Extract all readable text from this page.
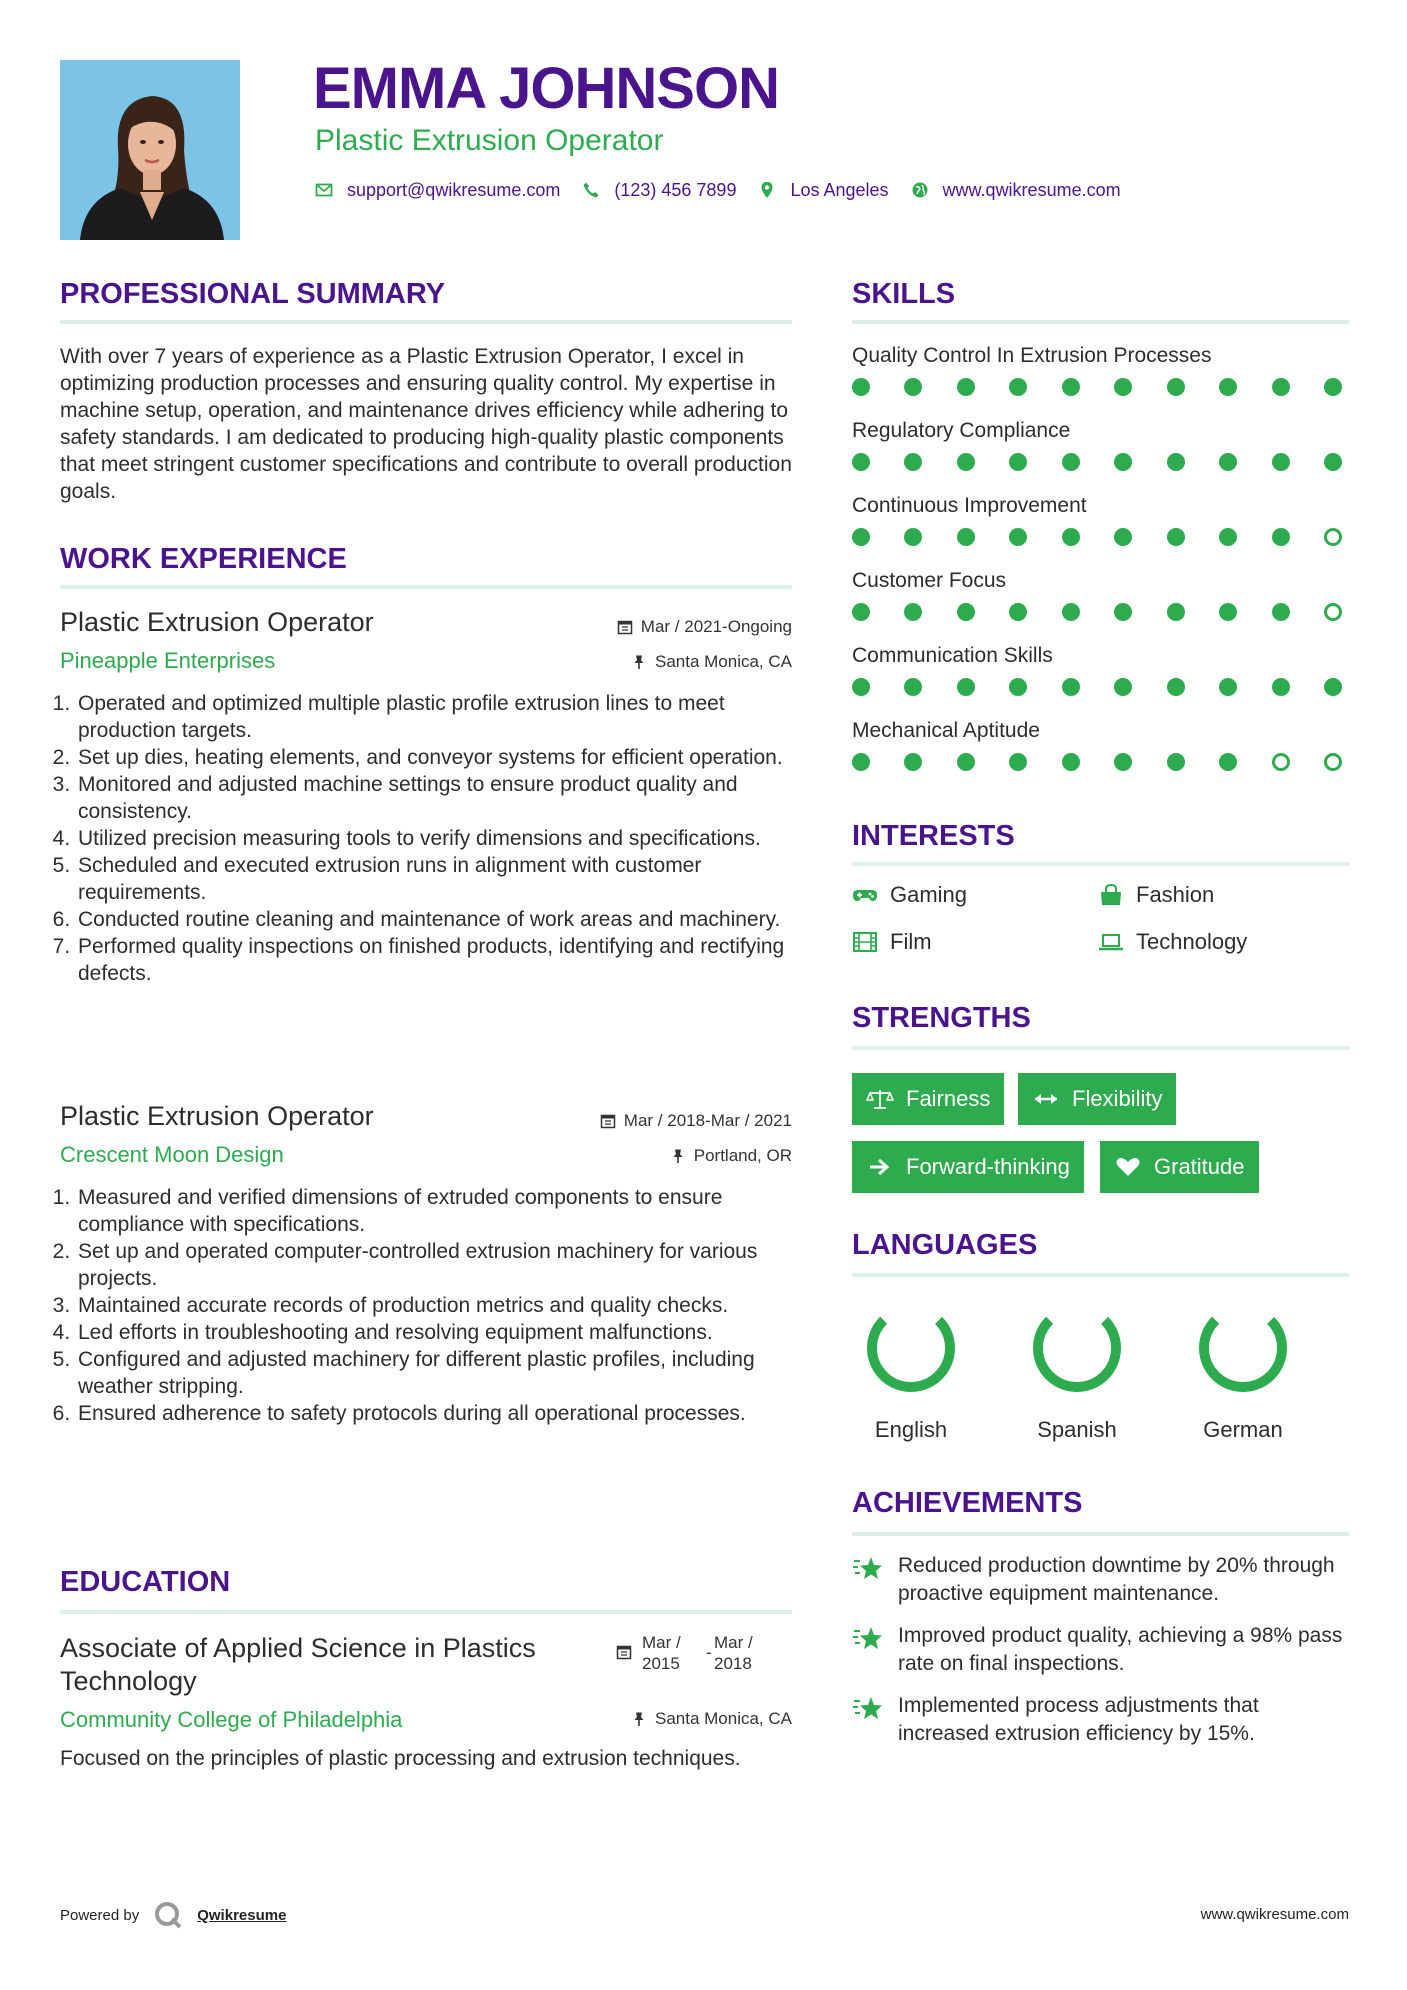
EMMA JOHNSON
Plastic Extrusion Operator
support@qwikresume.com	(123) 456 7899	Los Angeles	www.qwikresume.com
PROFESSIONAL SUMMARY
With over 7 years of experience as a Plastic Extrusion Operator, I excel in optimizing production processes and ensuring quality control. My expertise in machine setup, operation, and maintenance drives efficiency while adhering to safety standards. I am dedicated to producing high-quality plastic components that meet stringent customer specifications and contribute to overall production goals.
WORK EXPERIENCE
Plastic Extrusion Operator	Mar / 2021-Ongoing
Pineapple Enterprises	Santa Monica, CA
1. Operated and optimized multiple plastic profile extrusion lines to meet production targets.
2. Set up dies, heating elements, and conveyor systems for efficient operation.
3. Monitored and adjusted machine settings to ensure product quality and consistency.
4. Utilized precision measuring tools to verify dimensions and specifications.
5. Scheduled and executed extrusion runs in alignment with customer requirements.
6. Conducted routine cleaning and maintenance of work areas and machinery.
7. Performed quality inspections on finished products, identifying and rectifying defects.
Plastic Extrusion Operator	Mar / 2018-Mar / 2021
Crescent Moon Design	Portland, OR
1. Measured and verified dimensions of extruded components to ensure compliance with specifications.
2. Set up and operated computer-controlled extrusion machinery for various projects.
3. Maintained accurate records of production metrics and quality checks.
4. Led efforts in troubleshooting and resolving equipment malfunctions.
5. Configured and adjusted machinery for different plastic profiles, including weather stripping.
6. Ensured adherence to safety protocols during all operational processes.
EDUCATION
Associate of Applied Science in Plastics Technology
Mar / 2015
-
Mar / 2018
Community College of Philadelphia	Santa Monica, CA
Focused on the principles of plastic processing and extrusion techniques.
SKILLS
Quality Control In Extrusion Processes
Regulatory Compliance
Continuous Improvement
Customer Focus
Communication Skills
Mechanical Aptitude
INTERESTS
Gaming	Fashion
Film	Technology
STRENGTHS
Fairness	Flexibility
Forward-thinking	Gratitude
LANGUAGES
English	Spanish	German
ACHIEVEMENTS
Reduced production downtime by 20% through proactive equipment maintenance.
Improved product quality, achieving a 98% pass rate on final inspections.
Implemented process adjustments that increased extrusion efficiency by 15%.
Powered by	Qwikresume	www.qwikresume.com
